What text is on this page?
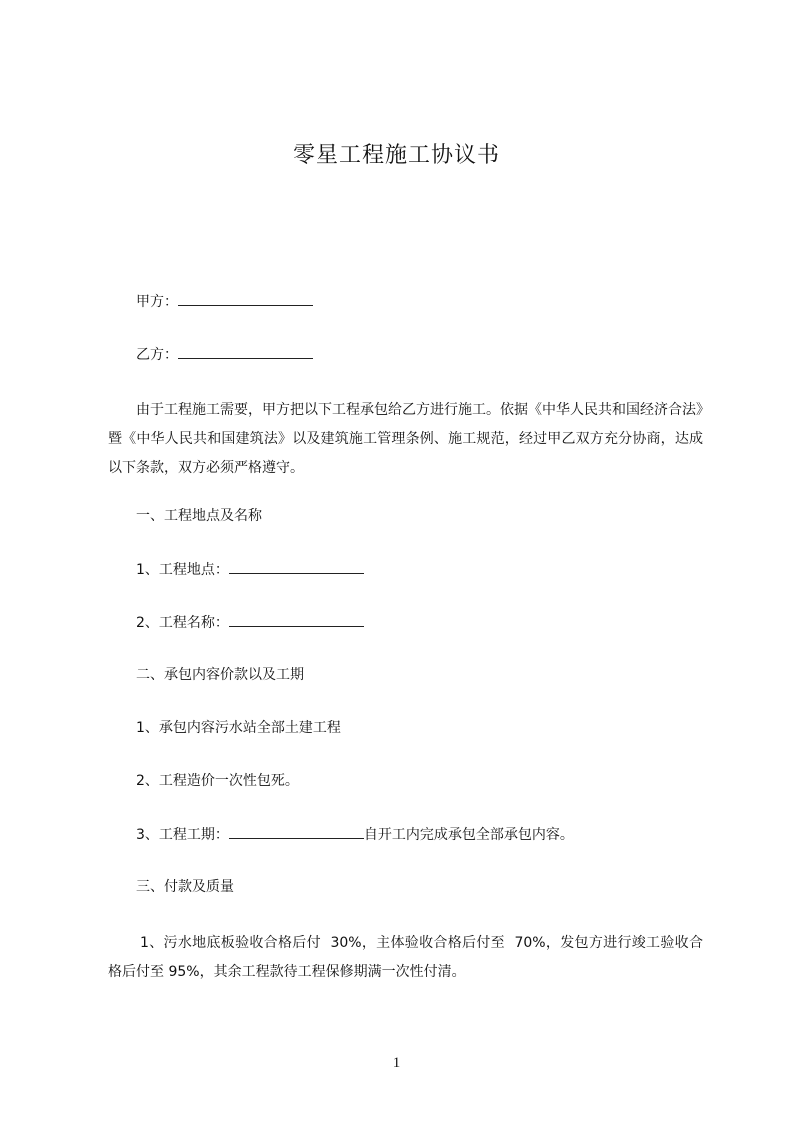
零星工程施工协议书
甲方：
乙方：
由于工程施工需要，甲方把以下工程承包给乙方进行施工。依据《中华人民共和国经济合法》暨《中华人民共和国建筑法》以及建筑施工管理条例、施工规范，经过甲乙双方充分协商，达成以下条款，双方必须严格遵守。
一、工程地点及名称
1、工程地点：
2、工程名称：
二、承包内容价款以及工期
1、承包内容污水站全部土建工程
2、工程造价一次性包死。
3、工程工期：	自开工内完成承包全部承包内容。
三、付款及质量
1、污水地底板验收合格后付  30%，主体验收合格后付至  70%，发包方进行竣工验收合格后付至 95%，其余工程款待工程保修期满一次性付清。
1
